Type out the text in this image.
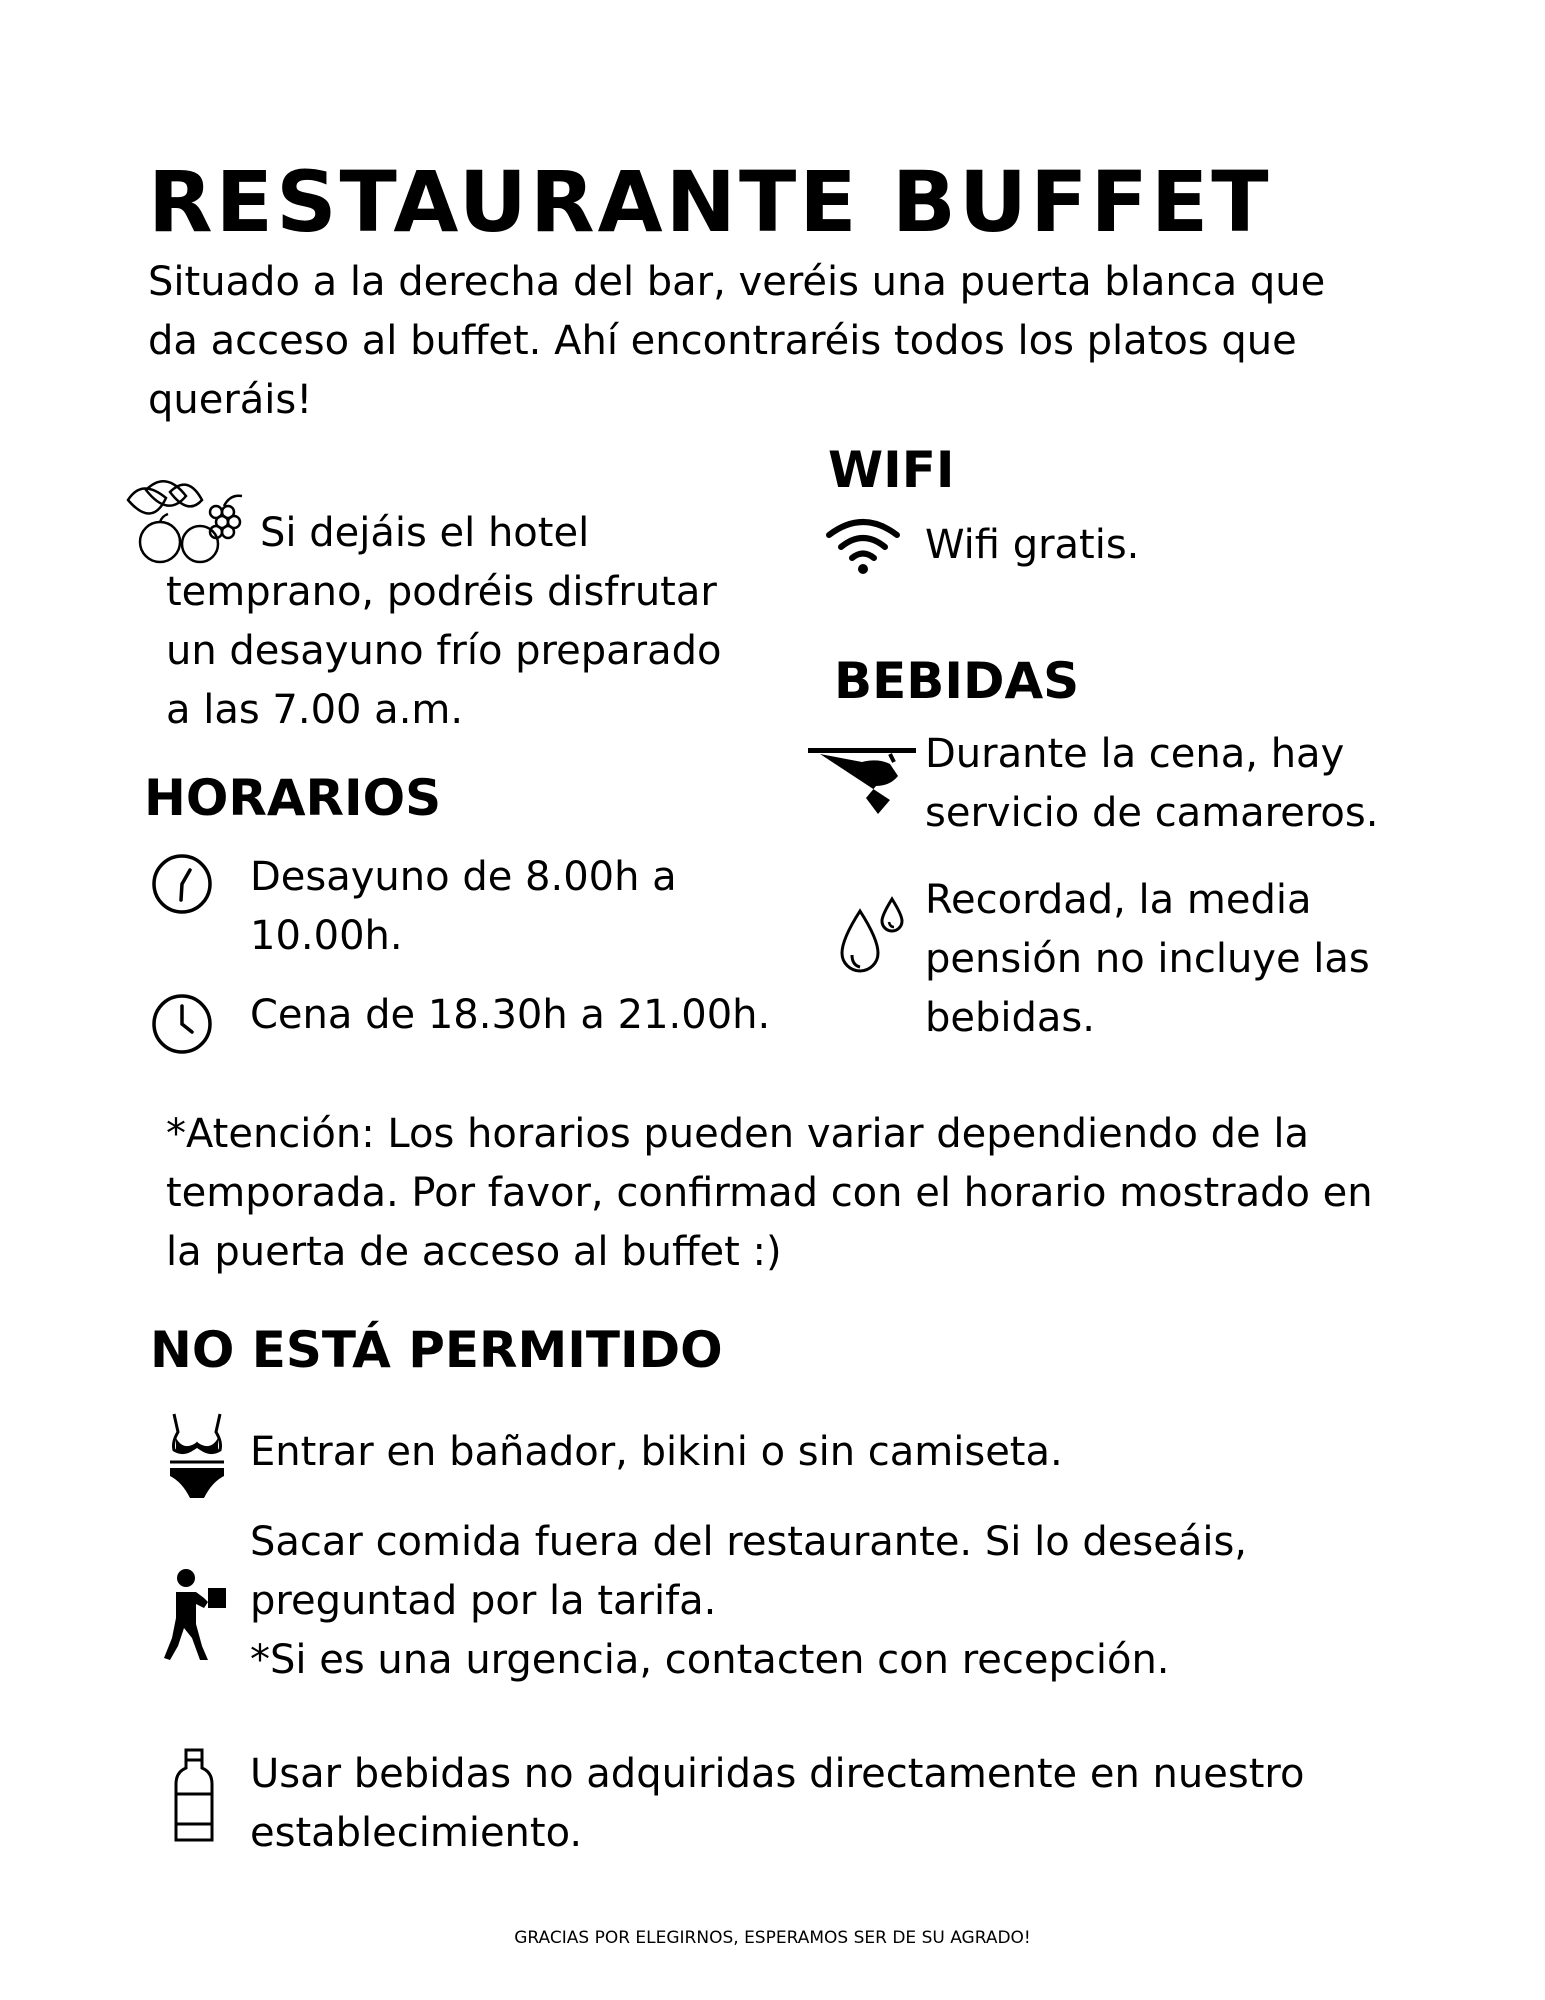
RESTAURANTE BUFFET
Situado a la derecha del bar, veréis una puerta blanca que da acceso al buffet. Ahí encontraréis todos los platos que queráis!
Si dejáis el hotel temprano, podréis disfrutar un desayuno frío preparado a las 7.00 a.m.
HORARIOS
Desayuno de 8.00h a 10.00h.
Cena de 18.30h a 21.00h.
WIFI
Wifi gratis.
BEBIDAS
Durante la cena, hay servicio de camareros.
Recordad, la media pensión no incluye las bebidas.
*Atención: Los horarios pueden variar dependiendo de la temporada. Por favor, confirmad con el horario mostrado en la puerta de acceso al buffet :)
NO ESTÁ PERMITIDO
Entrar en bañador, bikini o sin camiseta.
Sacar comida fuera del restaurante. Si lo deseáis, preguntad por la tarifa.
*Si es una urgencia, contacten con recepción.
Usar bebidas no adquiridas directamente en nuestro establecimiento.
GRACIAS POR ELEGIRNOS, ESPERAMOS SER DE SU AGRADO!
